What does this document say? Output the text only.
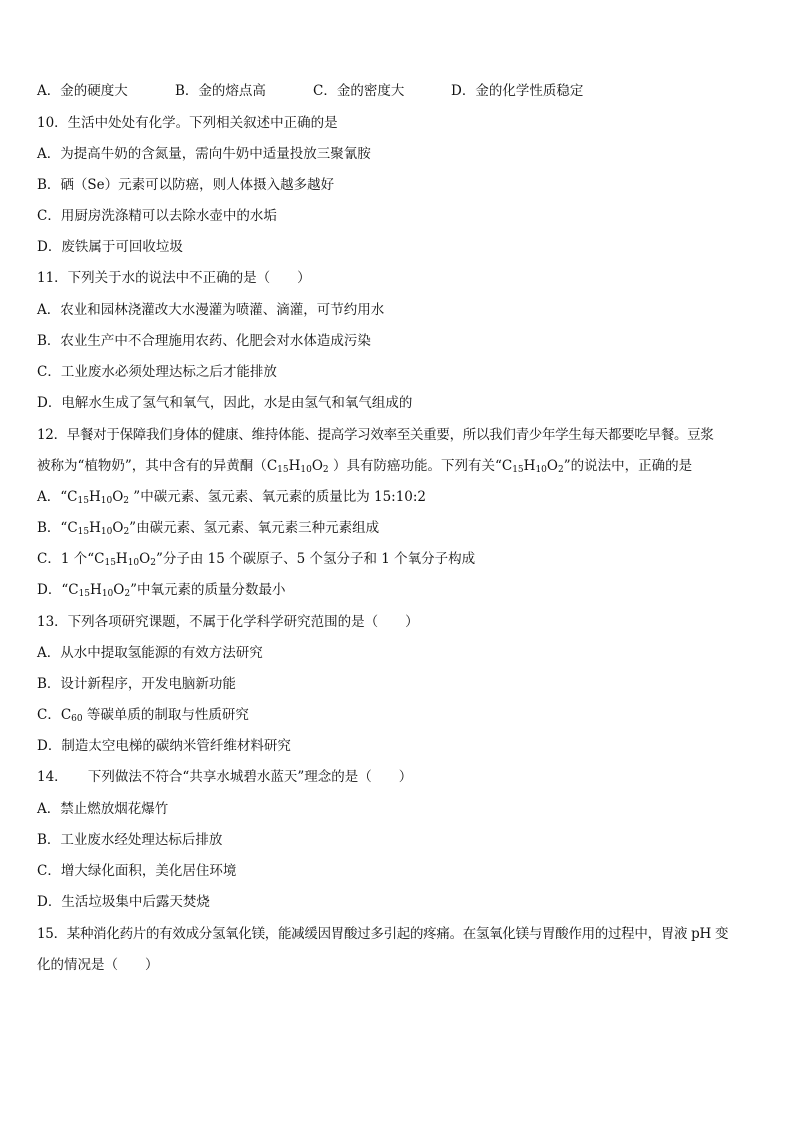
A．金的硬度大	B．金的熔点高	C．金的密度大	D．金的化学性质稳定
10．生活中处处有化学。下列相关叙述中正确的是
A．为提高牛奶的含氮量，需向牛奶中适量投放三聚氰胺
B．硒（Se）元素可以防癌，则人体摄入越多越好
C．用厨房洗涤精可以去除水壶中的水垢
D．废铁属于可回收垃圾
11．下列关于水的说法中不正确的是（　　）
A．农业和园林浇灌改大水漫灌为喷灌、滴灌，可节约用水
B．农业生产中不合理施用农药、化肥会对水体造成污染
C．工业废水必须处理达标之后才能排放
D．电解水生成了氢气和氧气，因此，水是由氢气和氧气组成的
12．早餐对于保障我们身体的健康、维持体能、提高学习效率至关重要，所以我们青少年学生每天都要吃早餐。豆浆
被称为“植物奶”，其中含有的异黄酮（$C_{15}H_{10}O_2$ ）具有防癌功能。下列有关“$C_{15}H_{10}O_2$”的说法中，正确的是
A．“$C_{15}H_{10}O_2$ ”中碳元素、氢元素、氧元素的质量比为 15:10:2
B．“$C_{15}H_{10}O_2$”由碳元素、氢元素、氧元素三种元素组成
C．1 个“$C_{15}H_{10}O_2$”分子由 15 个碳原子、5 个氢分子和 1 个氧分子构成
D．“$C_{15}H_{10}O_2$”中氧元素的质量分数最小
13．下列各项研究课题，不属于化学科学研究范围的是（　　）
A．从水中提取氢能源的有效方法研究
B．设计新程序，开发电脑新功能
C．$C_{60}$ 等碳单质的制取与性质研究
D．制造太空电梯的碳纳米管纤维材料研究
14．　　下列做法不符合“共享水城碧水蓝天”理念的是（　　）
A．禁止燃放烟花爆竹
B．工业废水经处理达标后排放
C．增大绿化面积，美化居住环境
D．生活垃圾集中后露天焚烧
15．某种消化药片的有效成分氢氧化镁，能减缓因胃酸过多引起的疼痛。在氢氧化镁与胃酸作用的过程中，胃液 pH 变
化的情况是（　　）
